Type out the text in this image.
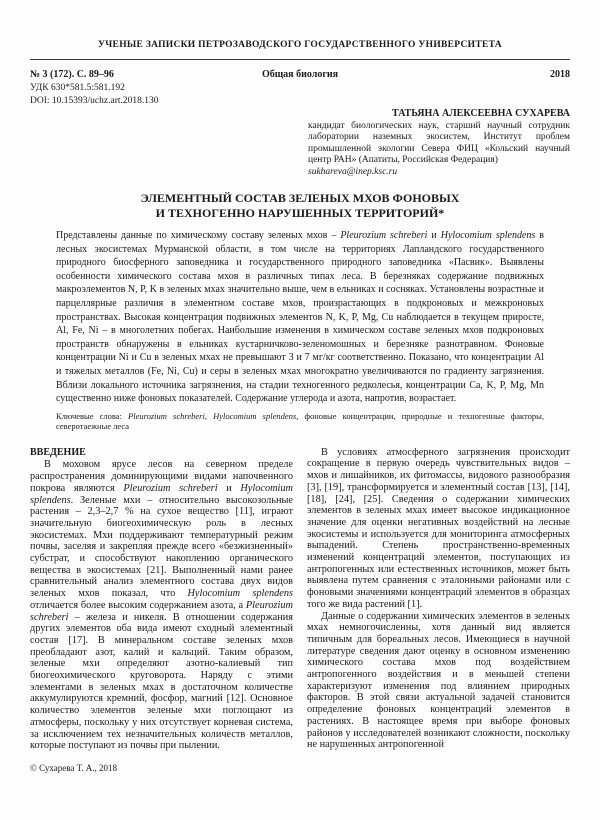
УЧЕНЫЕ ЗАПИСКИ ПЕТРОЗАВОДСКОГО ГОСУДАРСТВЕННОГО УНИВЕРСИТЕТА
№ 3 (172). С. 89–96	Общая биология	2018
УДК 630*581.5:581.192
DOI: 10.15393/uchz.art.2018.130
ТАТЬЯНА АЛЕКСЕЕВНА СУХАРЕВА
кандидат биологических наук, старший научный сотрудник лаборатории наземных экосистем, Институт проблем промышленной экологии Севера ФИЦ «Кольский научный центр РАН» (Апатиты, Российская Федерация)
sukhareva@inep.ksc.ru
ЭЛЕМЕНТНЫЙ СОСТАВ ЗЕЛЕНЫХ МХОВ ФОНОВЫХ
И ТЕХНОГЕННО НАРУШЕННЫХ ТЕРРИТОРИЙ*
Представлены данные по химическому составу зеленых мхов – Pleurozium schreberi и Hylocomium splendens в лесных экосистемах Мурманской области, в том числе на территориях Лапландского государственного природного биосферного заповедника и государственного природного заповедника «Пасвик». Выявлены особенности химического состава мхов в различных типах леса. В березняках содержание подвижных макроэлементов N, P, K в зеленых мхах значительно выше, чем в ельниках и сосняках. Установлены возрастные и парцеллярные различия в элементном составе мхов, произрастающих в подкроновых и межкроновых пространствах. Высокая концентрация подвижных элементов N, K, P, Mg, Cu наблюдается в текущем приросте, Al, Fe, Ni – в многолетних побегах. Наибольшие изменения в химическом составе зеленых мхов подкроновых пространств обнаружены в ельниках кустарничково-зеленомошных и березняке разнотравном. Фоновые концентрации Ni и Cu в зеленых мхах не превышают 3 и 7 мг/кг соответственно. Показано, что концентрации Al и тяжелых металлов (Fe, Ni, Cu) и серы в зеленых мхах многократно увеличиваются по градиенту загрязнения. Вблизи локального источника загрязнения, на стадии техногенного редколесья, концентрации Ca, K, P, Mg, Mn существенно ниже фоновых показателей. Содержание углерода и азота, напротив, возрастает.
Ключевые слова: Pleurozium schreberi, Hylocomium splendens, фоновые концентрации, природные и техногенные факторы, северотаежные леса
ВВЕДЕНИЕ

В моховом ярусе лесов на северном пределе распространения доминирующими видами напочвенного покрова являются Pleurozium schreberi и Hylocomium splendens. Зеленые мхи – относительно высокозольные растения – 2,3–2,7 % на сухое вещество [11], играют значительную биогеохимическую роль в лесных экосистемах. Мхи поддерживают температурный режим почвы, заселяя и закрепляя прежде всего «безжизненный» субстрат, и способствуют накоплению органического вещества в экосистемах [21]. Выполненный нами ранее сравнительный анализ элементного состава двух видов зеленых мхов показал, что Hylocomium splendens отличается более высоким содержанием азота, а Pleurozium schreberi – железа и никеля. В отношении содержания других элементов оба вида имеют сходный элементный состав [17]. В минеральном составе зеленых мхов преобладают азот, калий и кальций. Таким образом, зеленые мхи определяют азотно-калиевый тип биогеохимического круговорота. Наряду с этими элементами в зеленых мхах в достаточном количестве аккумулируются кремний, фосфор, магний [12]. Основное количество элементов зеленые мхи поглощают из атмосферы, поскольку у них отсутствует корневая система, за исключением тех незначительных количеств металлов, которые поступают из почвы при пылении.

© Сухарева Т. А., 2018

В условиях атмосферного загрязнения происходит сокращение в первую очередь чувствительных видов – мхов и лишайников, их фитомассы, видового разнообразия [3], [19], трансформируется и элементный состав [13], [14], [18], [24], [25]. Сведения о содержании химических элементов в зеленых мхах имеет высокое индикационное значение для оценки негативных воздействий на лесные экосистемы и используется для мониторинга атмосферных выпадений. Степень пространственно-временных изменений концентраций элементов, поступающих из антропогенных или естественных источников, может быть выявлена путем сравнения с эталонными районами или с фоновыми значениями концентраций элементов в образцах того же вида растений [1].

Данные о содержании химических элементов в зеленых мхах немногочисленны, хотя данный вид является типичным для бореальных лесов. Имеющиеся в научной литературе сведения дают оценку в основном изменению химического состава мхов под воздействием антропогенного воздействия и в меньшей степени характеризуют изменения под влиянием природных факторов. В этой связи актуальной задачей становится определение фоновых концентраций элементов в растениях. В настоящее время при выборе фоновых районов у исследователей возникают сложности, поскольку не нарушенных антропогенной
